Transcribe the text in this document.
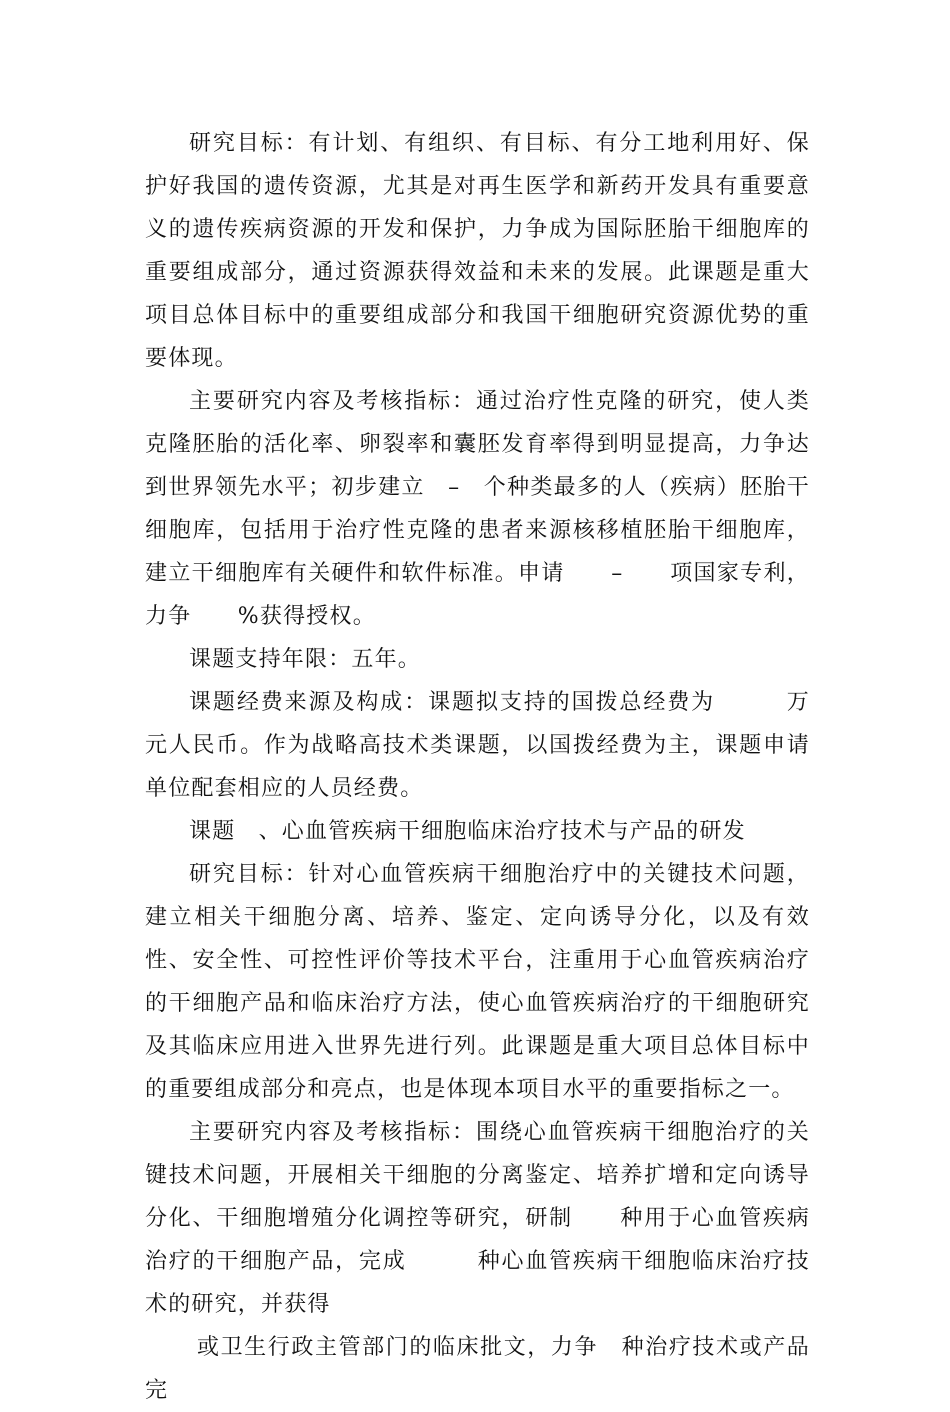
研究目标：有计划、有组织、有目标、有分工地利用好、保护好我国的遗传资源，尤其是对再生医学和新药开发具有重要意义的遗传疾病资源的开发和保护，力争成为国际胚胎干细胞库的重要组成部分，通过资源获得效益和未来的发展。此课题是重大项目总体目标中的重要组成部分和我国干细胞研究资源优势的重要体现。

主要研究内容及考核指标：通过治疗性克隆的研究，使人类克隆胚胎的活化率、卵裂率和囊胚发育率得到明显提高，力争达到世界领先水平；初步建立　–　个种类最多的人（疾病）胚胎干细胞库，包括用于治疗性克隆的患者来源核移植胚胎干细胞库，建立干细胞库有关硬件和软件标准。申请　　–　　项国家专利，力争　　%获得授权。

课题支持年限：五年。

课题经费来源及构成：课题拟支持的国拨总经费为　　　万元人民币。作为战略高技术类课题，以国拨经费为主，课题申请单位配套相应的人员经费。

课题　、心血管疾病干细胞临床治疗技术与产品的研发

研究目标：针对心血管疾病干细胞治疗中的关键技术问题，建立相关干细胞分离、培养、鉴定、定向诱导分化，以及有效性、安全性、可控性评价等技术平台，注重用于心血管疾病治疗的干细胞产品和临床治疗方法，使心血管疾病治疗的干细胞研究及其临床应用进入世界先进行列。此课题是重大项目总体目标中的重要组成部分和亮点，也是体现本项目水平的重要指标之一。

主要研究内容及考核指标：围绕心血管疾病干细胞治疗的关键技术问题，开展相关干细胞的分离鉴定、培养扩增和定向诱导分化、干细胞增殖分化调控等研究，研制　　种用于心血管疾病治疗的干细胞产品，完成　　　种心血管疾病干细胞临床治疗技术的研究，并获得

或卫生行政主管部门的临床批文，力争　种治疗技术或产品完
